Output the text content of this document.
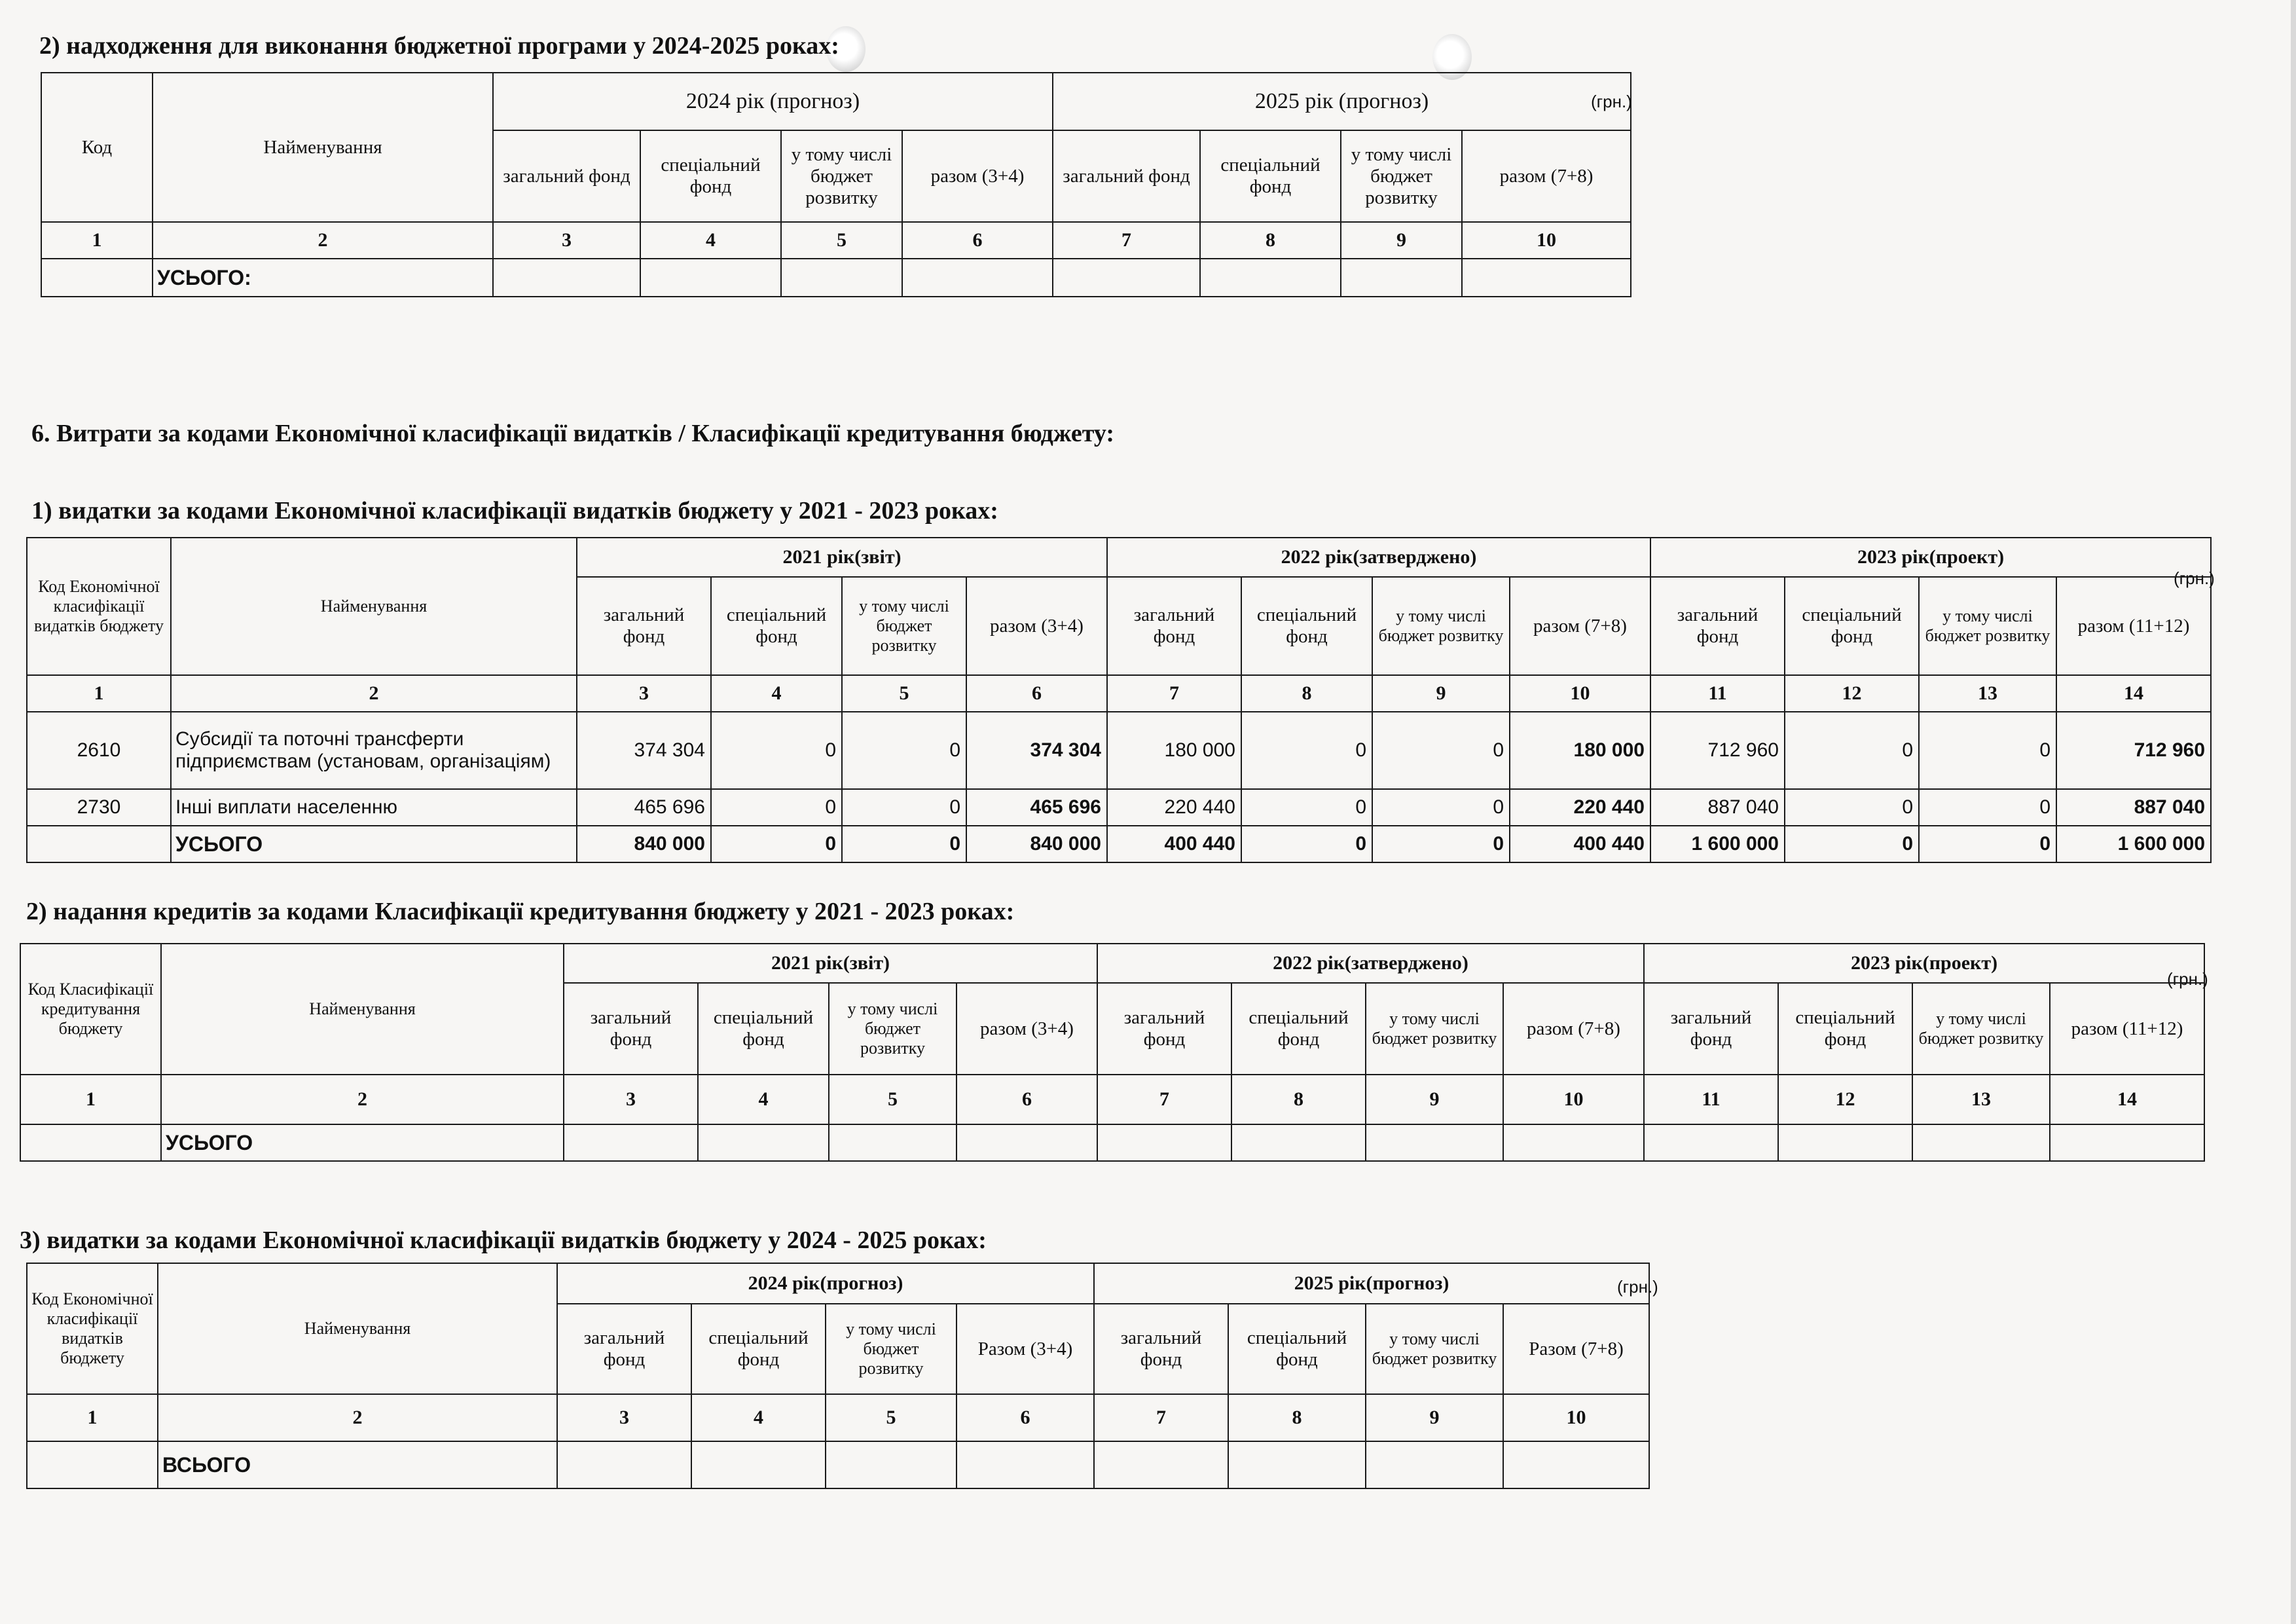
2) надходження для виконання бюджетної програми у 2024-2025 роках:
(грн.)
Код	Найменування	2024 рік (прогноз)				2025 рік (прогноз)			
		загальний фонд	спеціальний фонд	у тому числі бюджет розвитку	разом (3+4)	загальний фонд	спеціальний фонд	у тому числі бюджет розвитку	разом (7+8)
1	2	3	4	5	6	7	8	9	10
	УСЬОГО:								
6. Витрати за кодами Економічної класифікації видатків / Класифікації кредитування бюджету:
1) видатки за кодами Економічної класифікації видатків бюджету у 2021 - 2023 роках:
(грн.)
Код Економічної класифікації видатків бюджету	Найменування	2021 рік(звіт)				2022 рік(затверджено)				2023 рік(проект)			
		загальний фонд	спеціальний фонд	у тому числі бюджет розвитку	разом (3+4)	загальний фонд	спеціальний фонд	у тому числі бюджет розвитку	разом (7+8)	загальний фонд	спеціальний фонд	у тому числі бюджет розвитку	разом (11+12)
1	2	3	4	5	6	7	8	9	10	11	12	13	14
2610	Субсидії та поточні трансферти підприємствам (установам, організаціям)	374 304	0	0	374 304	180 000	0	0	180 000	712 960	0	0	712 960
2730	Інші виплати населенню	465 696	0	0	465 696	220 440	0	0	220 440	887 040	0	0	887 040
	УСЬОГО	840 000	0	0	840 000	400 440	0	0	400 440	1 600 000	0	0	1 600 000
2) надання кредитів за кодами Класифікації кредитування бюджету у 2021 - 2023 роках:
(грн.)
Код Класифікації кредитування бюджету	Найменування	2021 рік(звіт)				2022 рік(затверджено)				2023 рік(проект)			
		загальний фонд	спеціальний фонд	у тому числі бюджет розвитку	разом (3+4)	загальний фонд	спеціальний фонд	у тому числі бюджет розвитку	разом (7+8)	загальний фонд	спеціальний фонд	у тому числі бюджет розвитку	разом (11+12)
1	2	3	4	5	6	7	8	9	10	11	12	13	14
	УСЬОГО												
3) видатки за кодами Економічної класифікації видатків бюджету у 2024 - 2025 роках:
(грн.)
Код Економічної класифікації видатків бюджету	Найменування	2024 рік(прогноз)				2025 рік(прогноз)			
		загальний фонд	спеціальний фонд	у тому числі бюджет розвитку	Разом (3+4)	загальний фонд	спеціальний фонд	у тому числі бюджет розвитку	Разом (7+8)
1	2	3	4	5	6	7	8	9	10
	ВСЬОГО								
